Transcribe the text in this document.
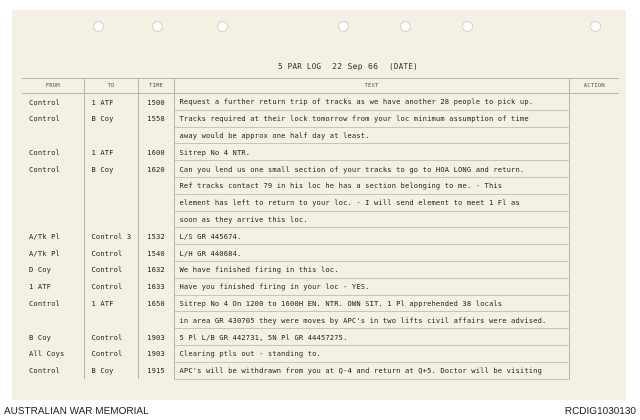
5 PAR LOG 22 Sep 66 (DATE)
FROM	TO	TIME	TEXT	ACTION
Control	1 ATF	1500	Request a further return trip of tracks as we have another 28 people to pick up.	
Control	B Coy	1558	Tracks required at their lock tomorrow from your loc minimum assumption of time	
			away would be approx one half day at least.	
Control	1 ATF	1600	Sitrep No 4 NTR.	
Control	B Coy	1620	Can you lend us one small section of your tracks to go to HOA LONG and return.	
			Ref tracks contact 79 in his loc he has a section belonging to me. - This	
			element has left to return to your loc. - I will send element to meet 1 Fl as	
			soon as they arrive this loc.	
A/Tk Pl	Control 3	1532	L/S GR 445674.	
A/Tk Pl	Control	1540	L/H GR 440684.	
D Coy	Control	1632	We have finished firing in this loc.	
1 ATF	Control	1633	Have you finished firing in your loc - YES.	
Control	1 ATF	1650	Sitrep No 4 On 1200 to 1600H EN. NTR. OWN SIT. 1 Pl apprehended 38 locals	
			in area GR 430705 they were moves by APC's in two lifts civil affairs were advised.	
B Coy	Control	1903	5 Pl L/B GR 442731, 5N Pl GR 44457275.	
All Coys	Control	1903	Clearing ptls out - standing to.	
Control	B Coy	1915	APC's will be withdrawn from you at Q-4 and return at Q+5. Doctor will be visiting	
AUSTRALIAN WAR MEMORIAL	RCDIG1030130
